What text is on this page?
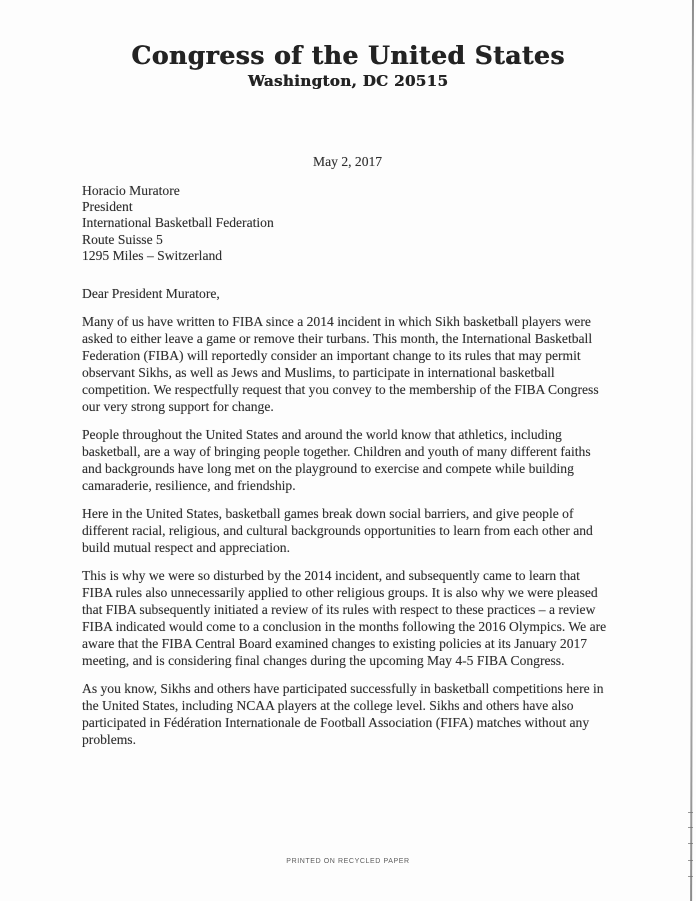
Congress of the United States
Washington, DC 20515
May 2, 2017
Horacio Muratore
President
International Basketball Federation
Route Suisse 5
1295 Miles – Switzerland
Dear President Muratore,
Many of us have written to FIBA since a 2014 incident in which Sikh basketball players were
asked to either leave a game or remove their turbans. This month, the International Basketball
Federation (FIBA) will reportedly consider an important change to its rules that may permit
observant Sikhs, as well as Jews and Muslims, to participate in international basketball
competition. We respectfully request that you convey to the membership of the FIBA Congress
our very strong support for change.
People throughout the United States and around the world know that athletics, including
basketball, are a way of bringing people together. Children and youth of many different faiths
and backgrounds have long met on the playground to exercise and compete while building
camaraderie, resilience, and friendship.
Here in the United States, basketball games break down social barriers, and give people of
different racial, religious, and cultural backgrounds opportunities to learn from each other and
build mutual respect and appreciation.
This is why we were so disturbed by the 2014 incident, and subsequently came to learn that
FIBA rules also unnecessarily applied to other religious groups. It is also why we were pleased
that FIBA subsequently initiated a review of its rules with respect to these practices – a review
FIBA indicated would come to a conclusion in the months following the 2016 Olympics. We are
aware that the FIBA Central Board examined changes to existing policies at its January 2017
meeting, and is considering final changes during the upcoming May 4-5 FIBA Congress.
As you know, Sikhs and others have participated successfully in basketball competitions here in
the United States, including NCAA players at the college level. Sikhs and others have also
participated in Fédération Internationale de Football Association (FIFA) matches without any
problems.
PRINTED ON RECYCLED PAPER
